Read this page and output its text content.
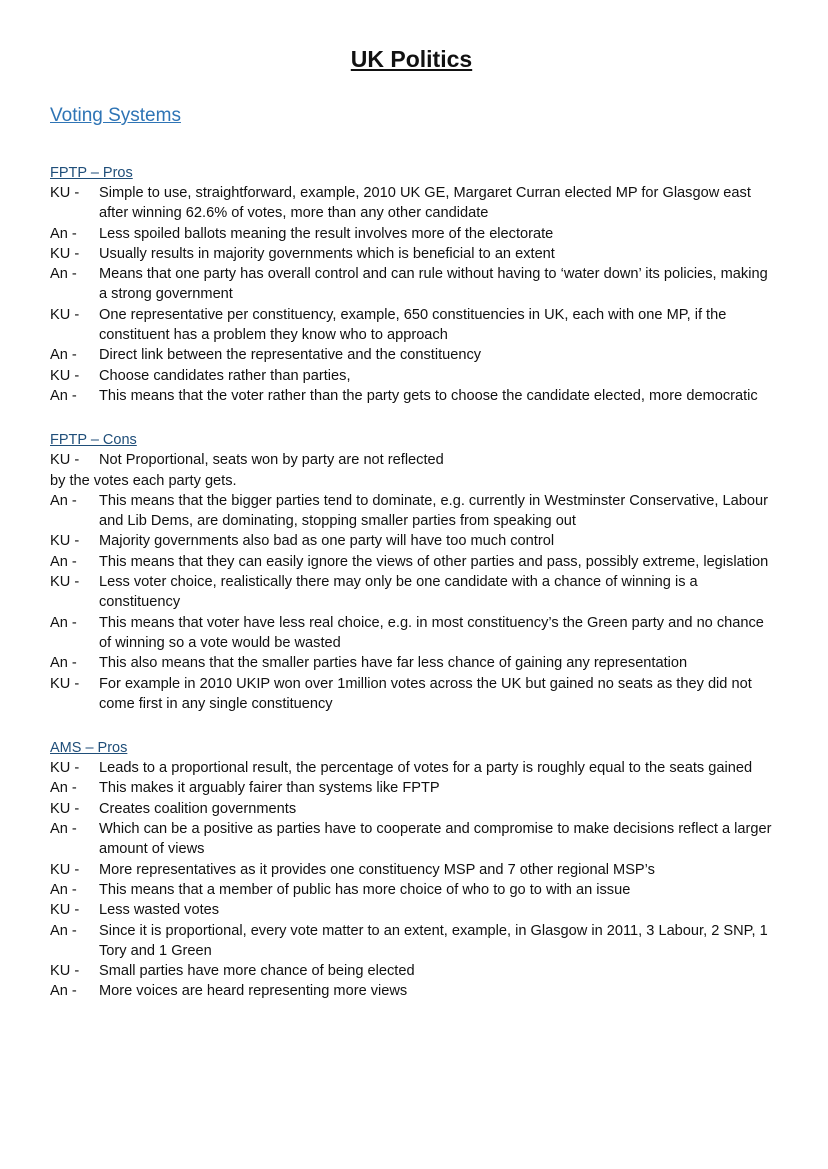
UK Politics
Voting Systems
FPTP – Pros
KU -	Simple to use, straightforward, example, 2010 UK GE, Margaret Curran elected MP for Glasgow east after winning 62.6% of votes, more than any other candidate
An -	Less spoiled ballots meaning the result involves more of the electorate
KU -	Usually results in majority governments which is beneficial to an extent
An -	Means that one party has overall control and can rule without having to ‘water down’ its policies, making a strong government
KU -	One representative per constituency, example, 650 constituencies in UK, each with one MP, if the constituent has a problem they know who to approach
An -	Direct link between the representative and the constituency
KU -	Choose candidates rather than parties,
An -	This means that the voter rather than the party gets to choose the candidate elected, more democratic
FPTP – Cons
KU -	Not Proportional, seats won by party are not reflected
by the votes each party gets.
An -	This means that the bigger parties tend to dominate, e.g. currently in Westminster Conservative, Labour and Lib Dems, are dominating, stopping smaller parties from speaking out
KU -	Majority governments also bad as one party will have too much control
An -	This means that they can easily ignore the views of other parties and pass, possibly extreme, legislation
KU -	Less voter choice, realistically there may only be one candidate with a chance of winning is a constituency
An -	This means that voter have less real choice, e.g. in most constituency’s the Green party and no chance of winning so a vote would be wasted
An -	This also means that the smaller parties have far less chance of gaining any representation
KU -	For example in 2010 UKIP won over 1million votes across the UK but gained no seats as they did not come first in any single constituency
AMS – Pros
KU -	Leads to a proportional result, the percentage of votes for a party is roughly equal to the seats gained
An -	This makes it arguably fairer than systems like FPTP
KU -	Creates coalition governments
An -	Which can be a positive as parties have to cooperate and compromise to make decisions reflect a larger amount of views
KU -	More representatives as it provides one constituency MSP and 7 other regional MSP’s
An -	This means that a member of public has more choice of who to go to with an issue
KU -	Less wasted votes
An -	Since it is proportional, every vote matter to an extent, example, in Glasgow in 2011, 3 Labour, 2 SNP, 1 Tory and 1 Green
KU -	Small parties have more chance of being elected
An -	More voices are heard representing more views
